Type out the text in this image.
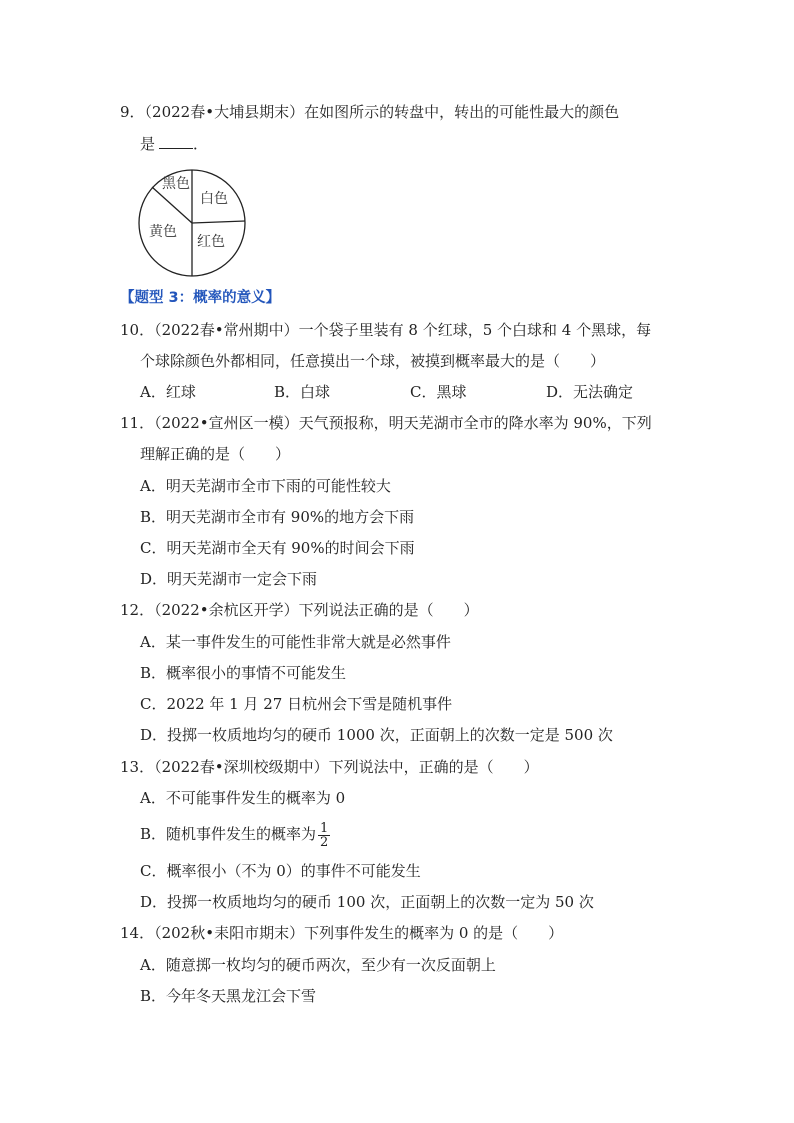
9．（2022春•大埔县期末）在如图所示的转盘中，转出的可能性最大的颜色
是	．
黑色
白色
黄色
红色
【题型 3：概率的意义】
10．（2022春•常州期中）一个袋子里装有 8 个红球，5 个白球和 4 个黑球，每
个球除颜色外都相同，任意摸出一个球，被摸到概率最大的是（　　）
A．红球	B．白球	C．黑球	D．无法确定
11．（2022•宣州区一模）天气预报称，明天芜湖市全市的降水率为 90%，下列
理解正确的是（　　）
A．明天芜湖市全市下雨的可能性较大
B．明天芜湖市全市有 90%的地方会下雨
C．明天芜湖市全天有 90%的时间会下雨
D．明天芜湖市一定会下雨
12．（2022•余杭区开学）下列说法正确的是（　　）
A．某一事件发生的可能性非常大就是必然事件
B．概率很小的事情不可能发生
C．2022 年 1 月 27 日杭州会下雪是随机事件
D．投掷一枚质地均匀的硬币 1000 次，正面朝上的次数一定是 500 次
13．（2022春•深圳校级期中）下列说法中，正确的是（　　）
A．不可能事件发生的概率为 0
B．随机事件发生的概率为 $\frac{1}{2}$
C．概率很小（不为 0）的事件不可能发生
D．投掷一枚质地均匀的硬币 100 次，正面朝上的次数一定为 50 次
14．（202秋•耒阳市期末）下列事件发生的概率为 0 的是（　　）
A．随意掷一枚均匀的硬币两次，至少有一次反面朝上
B．今年冬天黑龙江会下雪
